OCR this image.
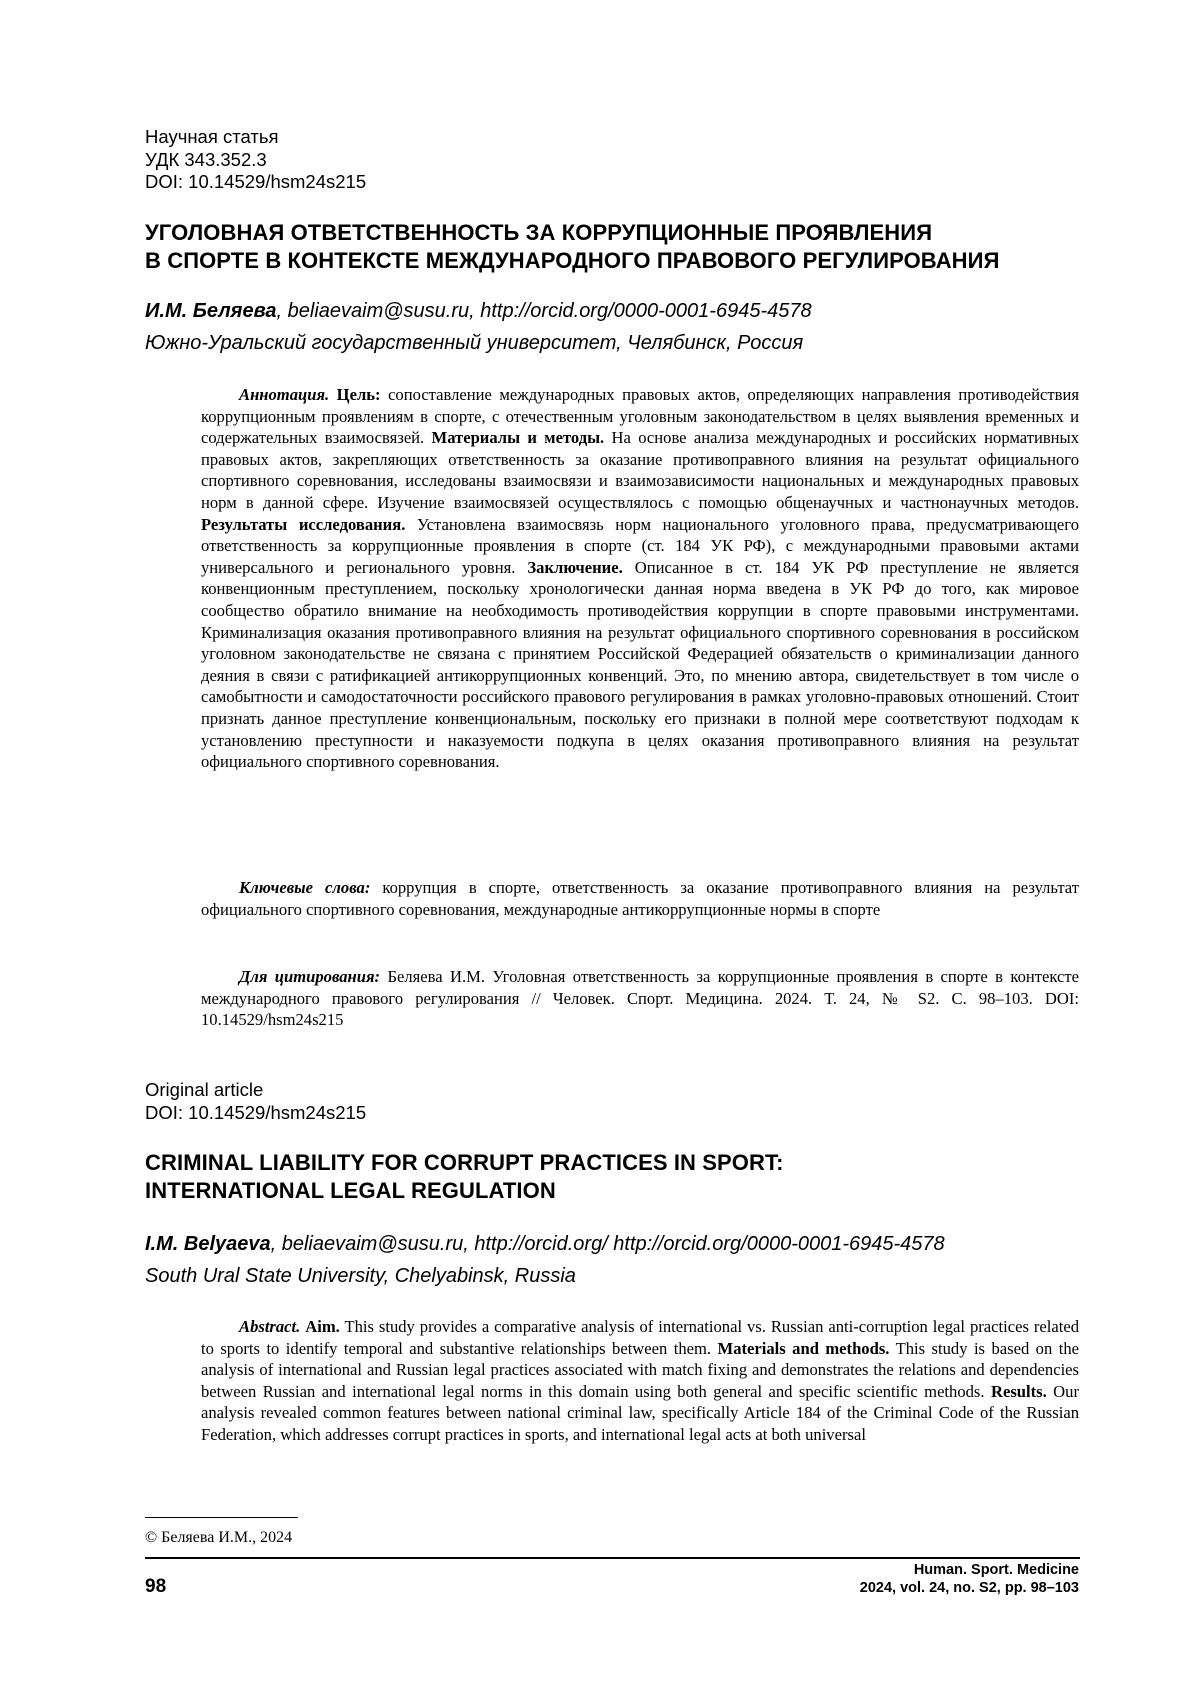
Научная статья
УДК 343.352.3
DOI: 10.14529/hsm24s215
УГОЛОВНАЯ ОТВЕТСТВЕННОСТЬ ЗА КОРРУПЦИОННЫЕ ПРОЯВЛЕНИЯ
В СПОРТЕ В КОНТЕКСТЕ МЕЖДУНАРОДНОГО ПРАВОВОГО РЕГУЛИРОВАНИЯ
И.М. Беляева, beliaevaim@susu.ru, http://orcid.org/0000-0001-6945-4578
Южно-Уральский государственный университет, Челябинск, Россия

Аннотация. Цель: сопоставление международных правовых актов, определяющих направления противодействия коррупционным проявлениям в спорте, с отечественным уголовным законодательством в целях выявления временных и содержательных взаимосвязей. Материалы и методы. На основе анализа международных и российских нормативных правовых актов, закрепляющих ответственность за оказание противоправного влияния на результат официального спортивного соревнования, исследованы взаимосвязи и взаимозависимости национальных и международных правовых норм в данной сфере. Изучение взаимосвязей осуществлялось с помощью общенаучных и частнонаучных методов. Результаты исследования. Установлена взаимосвязь норм национального уголовного права, предусматривающего ответственность за коррупционные проявления в спорте (ст. 184 УК РФ), с международными правовыми актами универсального и регионального уровня. Заключение. Описанное в ст. 184 УК РФ преступление не является конвенционным преступлением, поскольку хронологически данная норма введена в УК РФ до того, как мировое сообщество обратило внимание на необходимость противодействия коррупции в спорте правовыми инструментами. Криминализация оказания противоправного влияния на результат официального спортивного соревнования в российском уголовном законодательстве не связана с принятием Российской Федерацией обязательств о криминализации данного деяния в связи с ратификацией антикоррупционных конвенций. Это, по мнению автора, свидетельствует в том числе о самобытности и самодостаточности российского правового регулирования в рамках уголовно-правовых отношений. Стоит признать данное преступление конвенциональным, поскольку его признаки в полной мере соответствуют подходам к установлению преступности и наказуемости подкупа в целях оказания противоправного влияния на результат официального спортивного соревнования.

Ключевые слова: коррупция в спорте, ответственность за оказание противоправного влияния на результат официального спортивного соревнования, международные антикоррупционные нормы в спорте

Для цитирования: Беляева И.М. Уголовная ответственность за коррупционные проявления в спорте в контексте международного правового регулирования // Человек. Спорт. Медицина. 2024. Т. 24, № S2. С. 98–103. DOI: 10.14529/hsm24s215

Original article
DOI: 10.14529/hsm24s215
CRIMINAL LIABILITY FOR CORRUPT PRACTICES IN SPORT:
INTERNATIONAL LEGAL REGULATION
I.M. Belyaeva, beliaevaim@susu.ru, http://orcid.org/ http://orcid.org/0000-0001-6945-4578
South Ural State University, Chelyabinsk, Russia

Abstract. Aim. This study provides a comparative analysis of international vs. Russian anti-corruption legal practices related to sports to identify temporal and substantive relationships between them. Materials and methods. This study is based on the analysis of international and Russian legal practices associated with match fixing and demonstrates the relations and dependencies between Russian and international legal norms in this domain using both general and specific scientific methods. Results. Our analysis revealed common features between national criminal law, specifically Article 184 of the Criminal Code of the Russian Federation, which addresses corrupt practices in sports, and international legal acts at both universal

© Беляева И.М., 2024
98
Human. Sport. Medicine
2024, vol. 24, no. S2, pp. 98–103
